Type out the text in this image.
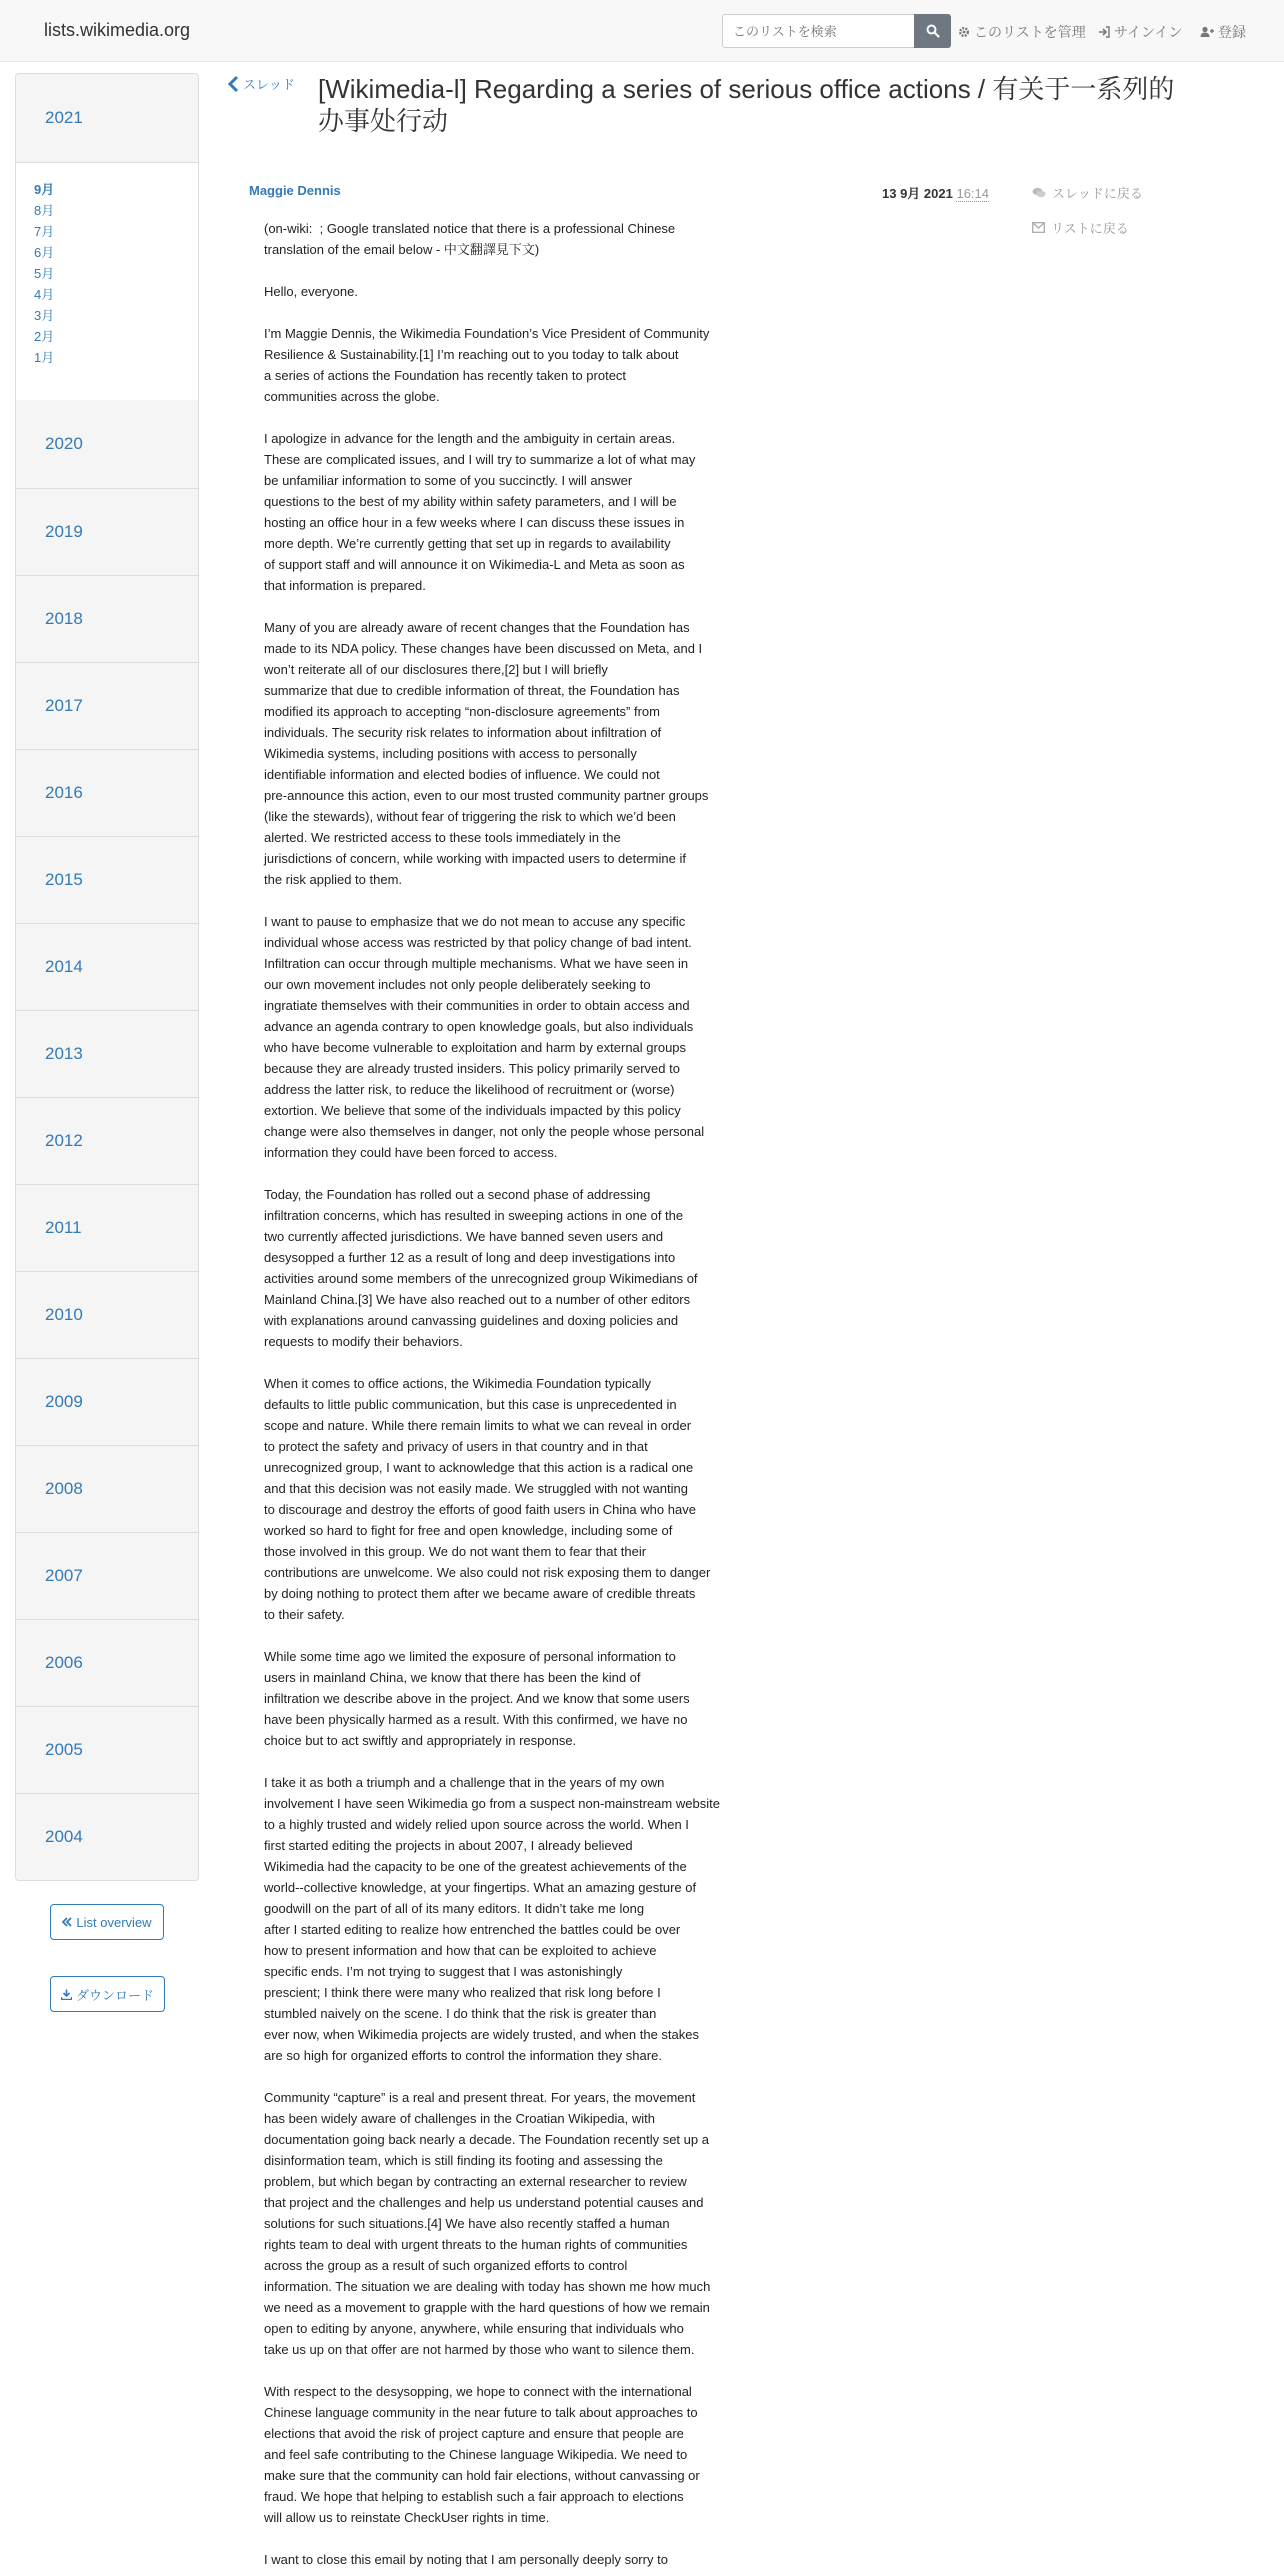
lists.wikimedia.org
このリストを検索	このリストを管理 サインイン	登録
2021
9月
8月
7月
6月
5月
4月
3月
2月
1月
2020
2019
2018
2017
2016
2015
2014
2013
2012
2011
2010
2009
2008
2007
2006
2005
2004
List overview
ダウンロード
スレッド [Wikimedia-l] Regarding a series of serious office actions / 有关于一系列的办事处行动
Maggie Dennis	13 9月 2021 16:14	スレッドに戻る
リストに戻る
(on-wiki:  ; Google translated notice that there is a professional Chinese
translation of the email below - 中文翻譯見下文)
Hello, everyone.
I’m Maggie Dennis, the Wikimedia Foundation’s Vice President of Community
Resilience & Sustainability.[1] I’m reaching out to you today to talk about
a series of actions the Foundation has recently taken to protect
communities across the globe.
I apologize in advance for the length and the ambiguity in certain areas.
These are complicated issues, and I will try to summarize a lot of what may
be unfamiliar information to some of you succinctly. I will answer
questions to the best of my ability within safety parameters, and I will be
hosting an office hour in a few weeks where I can discuss these issues in
more depth. We’re currently getting that set up in regards to availability
of support staff and will announce it on Wikimedia-L and Meta as soon as
that information is prepared.
Many of you are already aware of recent changes that the Foundation has
made to its NDA policy. These changes have been discussed on Meta, and I
won’t reiterate all of our disclosures there,[2] but I will briefly
summarize that due to credible information of threat, the Foundation has
modified its approach to accepting “non-disclosure agreements” from
individuals. The security risk relates to information about infiltration of
Wikimedia systems, including positions with access to personally
identifiable information and elected bodies of influence. We could not
pre-announce this action, even to our most trusted community partner groups
(like the stewards), without fear of triggering the risk to which we’d been
alerted. We restricted access to these tools immediately in the
jurisdictions of concern, while working with impacted users to determine if
the risk applied to them.
I want to pause to emphasize that we do not mean to accuse any specific
individual whose access was restricted by that policy change of bad intent.
Infiltration can occur through multiple mechanisms. What we have seen in
our own movement includes not only people deliberately seeking to
ingratiate themselves with their communities in order to obtain access and
advance an agenda contrary to open knowledge goals, but also individuals
who have become vulnerable to exploitation and harm by external groups
because they are already trusted insiders. This policy primarily served to
address the latter risk, to reduce the likelihood of recruitment or (worse)
extortion. We believe that some of the individuals impacted by this policy
change were also themselves in danger, not only the people whose personal
information they could have been forced to access.
Today, the Foundation has rolled out a second phase of addressing
infiltration concerns, which has resulted in sweeping actions in one of the
two currently affected jurisdictions. We have banned seven users and
desysopped a further 12 as a result of long and deep investigations into
activities around some members of the unrecognized group Wikimedians of
Mainland China.[3] We have also reached out to a number of other editors
with explanations around canvassing guidelines and doxing policies and
requests to modify their behaviors.
When it comes to office actions, the Wikimedia Foundation typically
defaults to little public communication, but this case is unprecedented in
scope and nature. While there remain limits to what we can reveal in order
to protect the safety and privacy of users in that country and in that
unrecognized group, I want to acknowledge that this action is a radical one
and that this decision was not easily made. We struggled with not wanting
to discourage and destroy the efforts of good faith users in China who have
worked so hard to fight for free and open knowledge, including some of
those involved in this group. We do not want them to fear that their
contributions are unwelcome. We also could not risk exposing them to danger
by doing nothing to protect them after we became aware of credible threats
to their safety.
While some time ago we limited the exposure of personal information to
users in mainland China, we know that there has been the kind of
infiltration we describe above in the project. And we know that some users
have been physically harmed as a result. With this confirmed, we have no
choice but to act swiftly and appropriately in response.
I take it as both a triumph and a challenge that in the years of my own
involvement I have seen Wikimedia go from a suspect non-mainstream website
to a highly trusted and widely relied upon source across the world. When I
first started editing the projects in about 2007, I already believed
Wikimedia had the capacity to be one of the greatest achievements of the
world--collective knowledge, at your fingertips. What an amazing gesture of
goodwill on the part of all of its many editors. It didn’t take me long
after I started editing to realize how entrenched the battles could be over
how to present information and how that can be exploited to achieve
specific ends. I’m not trying to suggest that I was astonishingly
prescient; I think there were many who realized that risk long before I
stumbled naively on the scene. I do think that the risk is greater than
ever now, when Wikimedia projects are widely trusted, and when the stakes
are so high for organized efforts to control the information they share.
Community “capture” is a real and present threat. For years, the movement
has been widely aware of challenges in the Croatian Wikipedia, with
documentation going back nearly a decade. The Foundation recently set up a
disinformation team, which is still finding its footing and assessing the
problem, but which began by contracting an external researcher to review
that project and the challenges and help us understand potential causes and
solutions for such situations.[4] We have also recently staffed a human
rights team to deal with urgent threats to the human rights of communities
across the group as a result of such organized efforts to control
information. The situation we are dealing with today has shown me how much
we need as a movement to grapple with the hard questions of how we remain
open to editing by anyone, anywhere, while ensuring that individuals who
take us up on that offer are not harmed by those who want to silence them.
With respect to the desysopping, we hope to connect with the international
Chinese language community in the near future to talk about approaches to
elections that avoid the risk of project capture and ensure that people are
and feel safe contributing to the Chinese language Wikipedia. We need to
make sure that the community can hold fair elections, without canvassing or
fraud. We hope that helping to establish such a fair approach to elections
will allow us to reinstate CheckUser rights in time.
I want to close this email by noting that I am personally deeply sorry to
